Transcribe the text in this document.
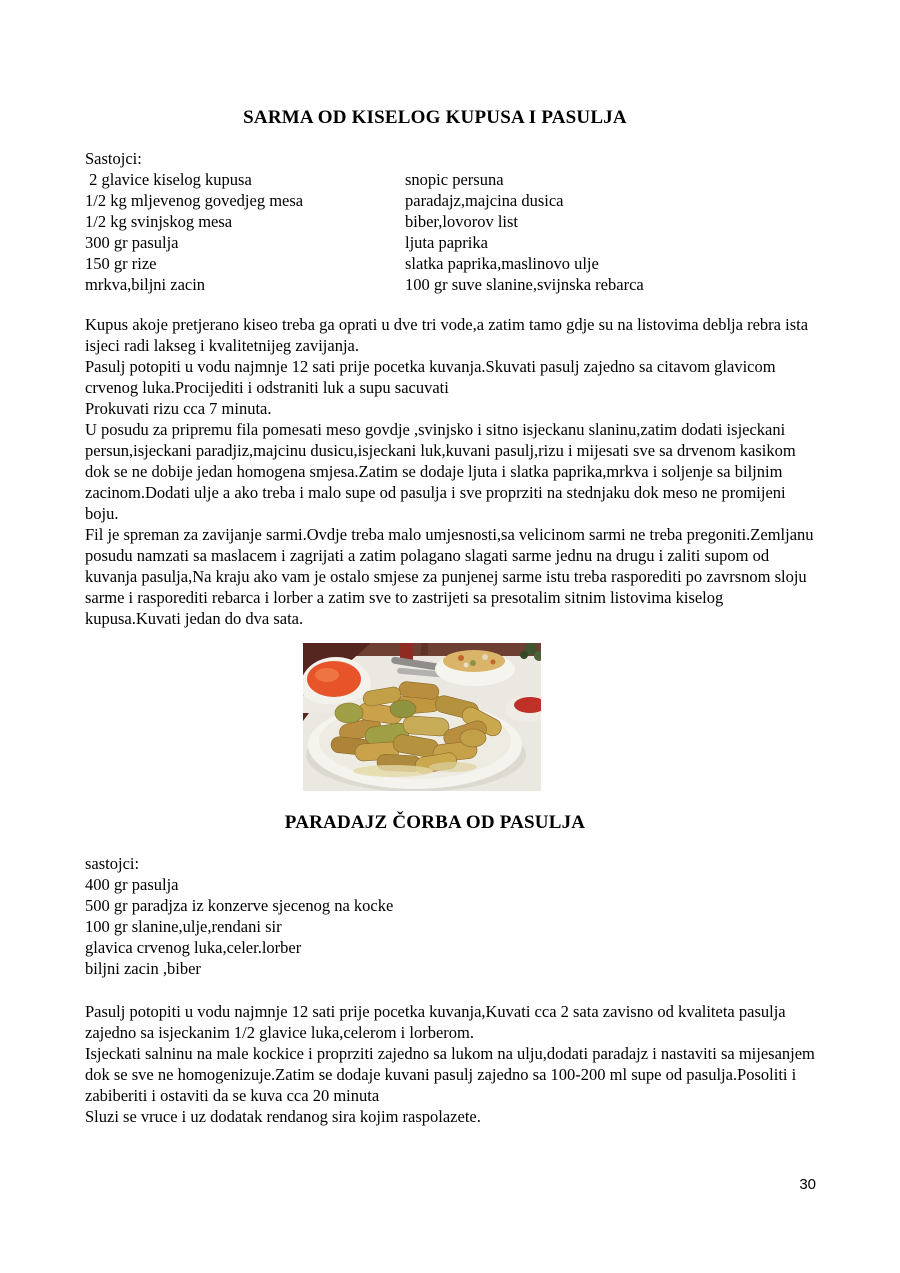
SARMA OD KISELOG KUPUSA I PASULJA
Sastojci:
2 glavice kiselog kupusa	snopic persuna
1/2 kg mljevenog govedjeg mesa	paradajz,majcina dusica
1/2 kg svinjskog mesa	biber,lovorov list
300 gr pasulja	ljuta paprika
150 gr rize	slatka paprika,maslinovo ulje
mrkva,biljni zacin	100 gr suve slanine,svijnska rebarca

Kupus akoje pretjerano kiseo treba ga oprati u dve tri vode,a zatim tamo gdje su na listovima deblja rebra ista isjeci radi lakseg i kvalitetnijeg zavijanja.

Pasulj potopiti u vodu najmnje 12 sati prije pocetka kuvanja.Skuvati pasulj zajedno sa citavom glavicom crvenog luka.Procijediti i odstraniti luk a supu sacuvati

Prokuvati rizu cca 7 minuta.

U posudu za pripremu fila pomesati meso govdje ,svinjsko i sitno isjeckanu slaninu,zatim dodati isjeckani persun,isjeckani paradjiz,majcinu dusicu,isjeckani luk,kuvani pasulj,rizu i mijesati sve sa drvenom kasikom dok se ne dobije jedan homogena smjesa.Zatim se dodaje ljuta i slatka paprika,mrkva i soljenje sa biljnim zacinom.Dodati ulje a ako treba i malo supe od pasulja i sve proprziti na stednjaku dok meso ne promijeni boju.

Fil je spreman za zavijanje sarmi.Ovdje treba malo umjesnosti,sa velicinom sarmi ne treba pregoniti.Zemljanu posudu namzati sa maslacem i zagrijati a zatim polagano slagati sarme jednu na drugu i zaliti supom od kuvanja pasulja,Na kraju ako vam je ostalo smjese za punjenej sarme istu treba rasporediti po zavrsnom sloju sarme i rasporediti rebarca i lorber a zatim sve to zastrijeti sa presotalim sitnim listovima kiselog kupusa.Kuvati jedan do dva sata.

PARADAJZ ČORBA OD PASULJA
sastojci:
400 gr pasulja
500 gr paradjza iz konzerve sjecenog na kocke
100 gr slanine,ulje,rendani sir
glavica crvenog luka,celer.lorber
biljni zacin ,biber

Pasulj potopiti u vodu najmnje 12 sati prije pocetka kuvanja,Kuvati cca 2 sata zavisno od kvaliteta pasulja zajedno sa isjeckanim 1/2 glavice luka,celerom i lorberom.

Isjeckati salninu na male kockice i proprziti zajedno sa lukom na ulju,dodati paradajz i nastaviti sa mijesanjem dok se sve ne homogenizuje.Zatim se dodaje kuvani pasulj zajedno sa 100-200 ml supe od pasulja.Posoliti i zabiberiti i ostaviti da se kuva cca 20 minuta

Sluzi se vruce i uz dodatak rendanog sira kojim raspolazete.

30
